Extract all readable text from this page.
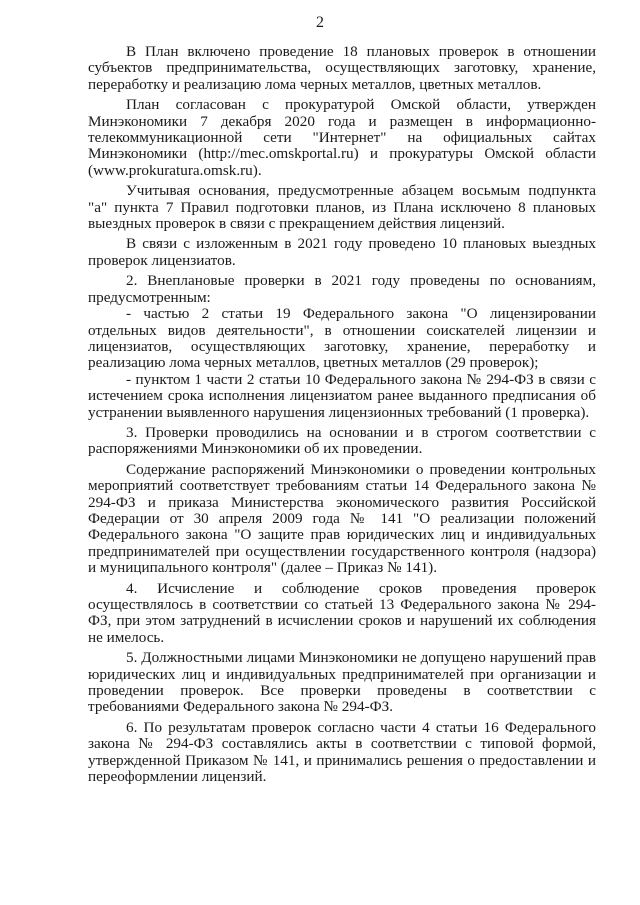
2

В План включено проведение 18 плановых проверок в отношении субъектов предпринимательства, осуществляющих заготовку, хранение, переработку и реализацию лома черных металлов, цветных металлов.

План согласован с прокуратурой Омской области, утвержден Минэкономики 7 декабря 2020 года и размещен в информационно-телекоммуникационной сети "Интернет" на официальных сайтах Минэкономики (http://mec.omskportal.ru) и прокуратуры Омской области (www.prokuratura.omsk.ru).

Учитывая основания, предусмотренные абзацем восьмым подпункта "а" пункта 7 Правил подготовки планов, из Плана исключено 8 плановых выездных проверок в связи с прекращением действия лицензий.

В связи с изложенным в 2021 году проведено 10 плановых выездных проверок лицензиатов.

2. Внеплановые проверки в 2021 году проведены по основаниям, предусмотренным:

- частью 2 статьи 19 Федерального закона "О лицензировании отдельных видов деятельности", в отношении соискателей лицензии и лицензиатов, осуществляющих заготовку, хранение, переработку и реализацию лома черных металлов, цветных металлов (29 проверок);

- пунктом 1 части 2 статьи 10 Федерального закона № 294-ФЗ в связи с истечением срока исполнения лицензиатом ранее выданного предписания об устранении выявленного нарушения лицензионных требований (1 проверка).

3. Проверки проводились на основании и в строгом соответствии с распоряжениями Минэкономики об их проведении.

Содержание распоряжений Минэкономики о проведении контрольных мероприятий соответствует требованиям статьи 14 Федерального закона № 294-ФЗ и приказа Министерства экономического развития Российской Федерации от 30 апреля 2009 года № 141 "О реализации положений Федерального закона "О защите прав юридических лиц и индивидуальных предпринимателей при осуществлении государственного контроля (надзора) и муниципального контроля" (далее – Приказ № 141).

4. Исчисление и соблюдение сроков проведения проверок осуществлялось в соответствии со статьей 13 Федерального закона № 294-ФЗ, при этом затруднений в исчислении сроков и нарушений их соблюдения не имелось.

5. Должностными лицами Минэкономики не допущено нарушений прав юридических лиц и индивидуальных предпринимателей при организации и проведении проверок. Все проверки проведены в соответствии с требованиями Федерального закона № 294-ФЗ.

6. По результатам проверок согласно части 4 статьи 16 Федерального закона № 294-ФЗ составлялись акты в соответствии с типовой формой, утвержденной Приказом № 141, и принимались решения о предоставлении и переоформлении лицензий.
